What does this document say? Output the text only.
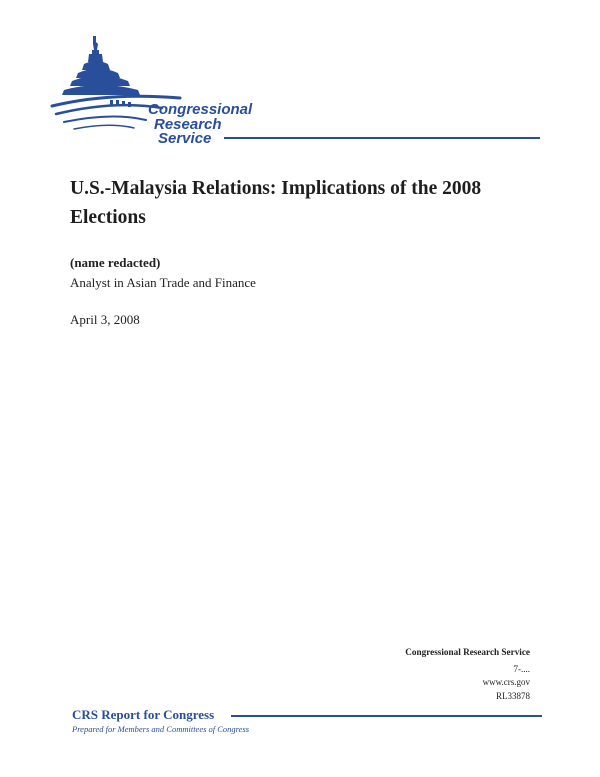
Congressional
Research
Service
U.S.-Malaysia Relations: Implications of the 2008 Elections
(name redacted)
Analyst in Asian Trade and Finance
April 3, 2008
Congressional Research Service
7-....
www.crs.gov
RL33878
CRS Report for Congress
Prepared for Members and Committees of Congress
